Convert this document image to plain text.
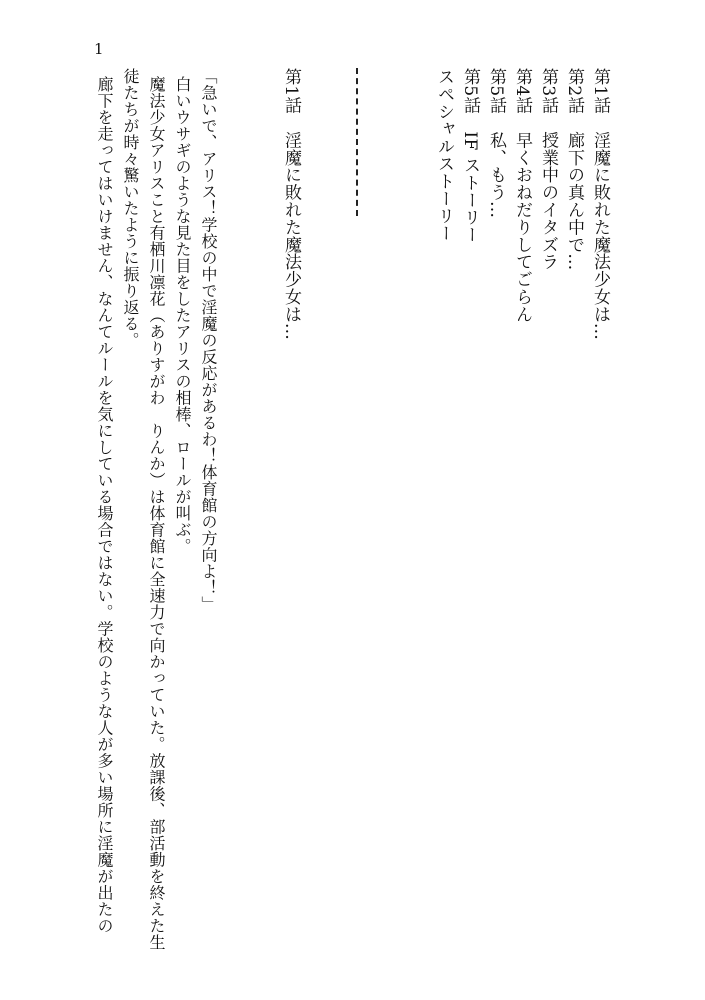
1
第1話　淫魔に敗れた魔法少女は…
第2話　廊下の真ん中で…
第3話　授業中のイタズラ
第4話　早くおねだりしてごらん
第5話　私、もう…
第5話　IF ストーリー
スペシャルストーリー
第1話　淫魔に敗れた魔法少女は…
「急いで、アリス！学校の中で淫魔の反応があるわ！体育館の方向よ！」
白いウサギのような見た目をしたアリスの相棒、ロールが叫ぶ。
魔法少女アリスこと有栖川凛花（ありすがわ　りんか）は体育館に全速力で向かっていた。放課後、部活動を終えた生
徒たちが時々驚いたように振り返る。
廊下を走ってはいけません、なんてルールを気にしている場合ではない。学校のような人が多い場所に淫魔が出たの
